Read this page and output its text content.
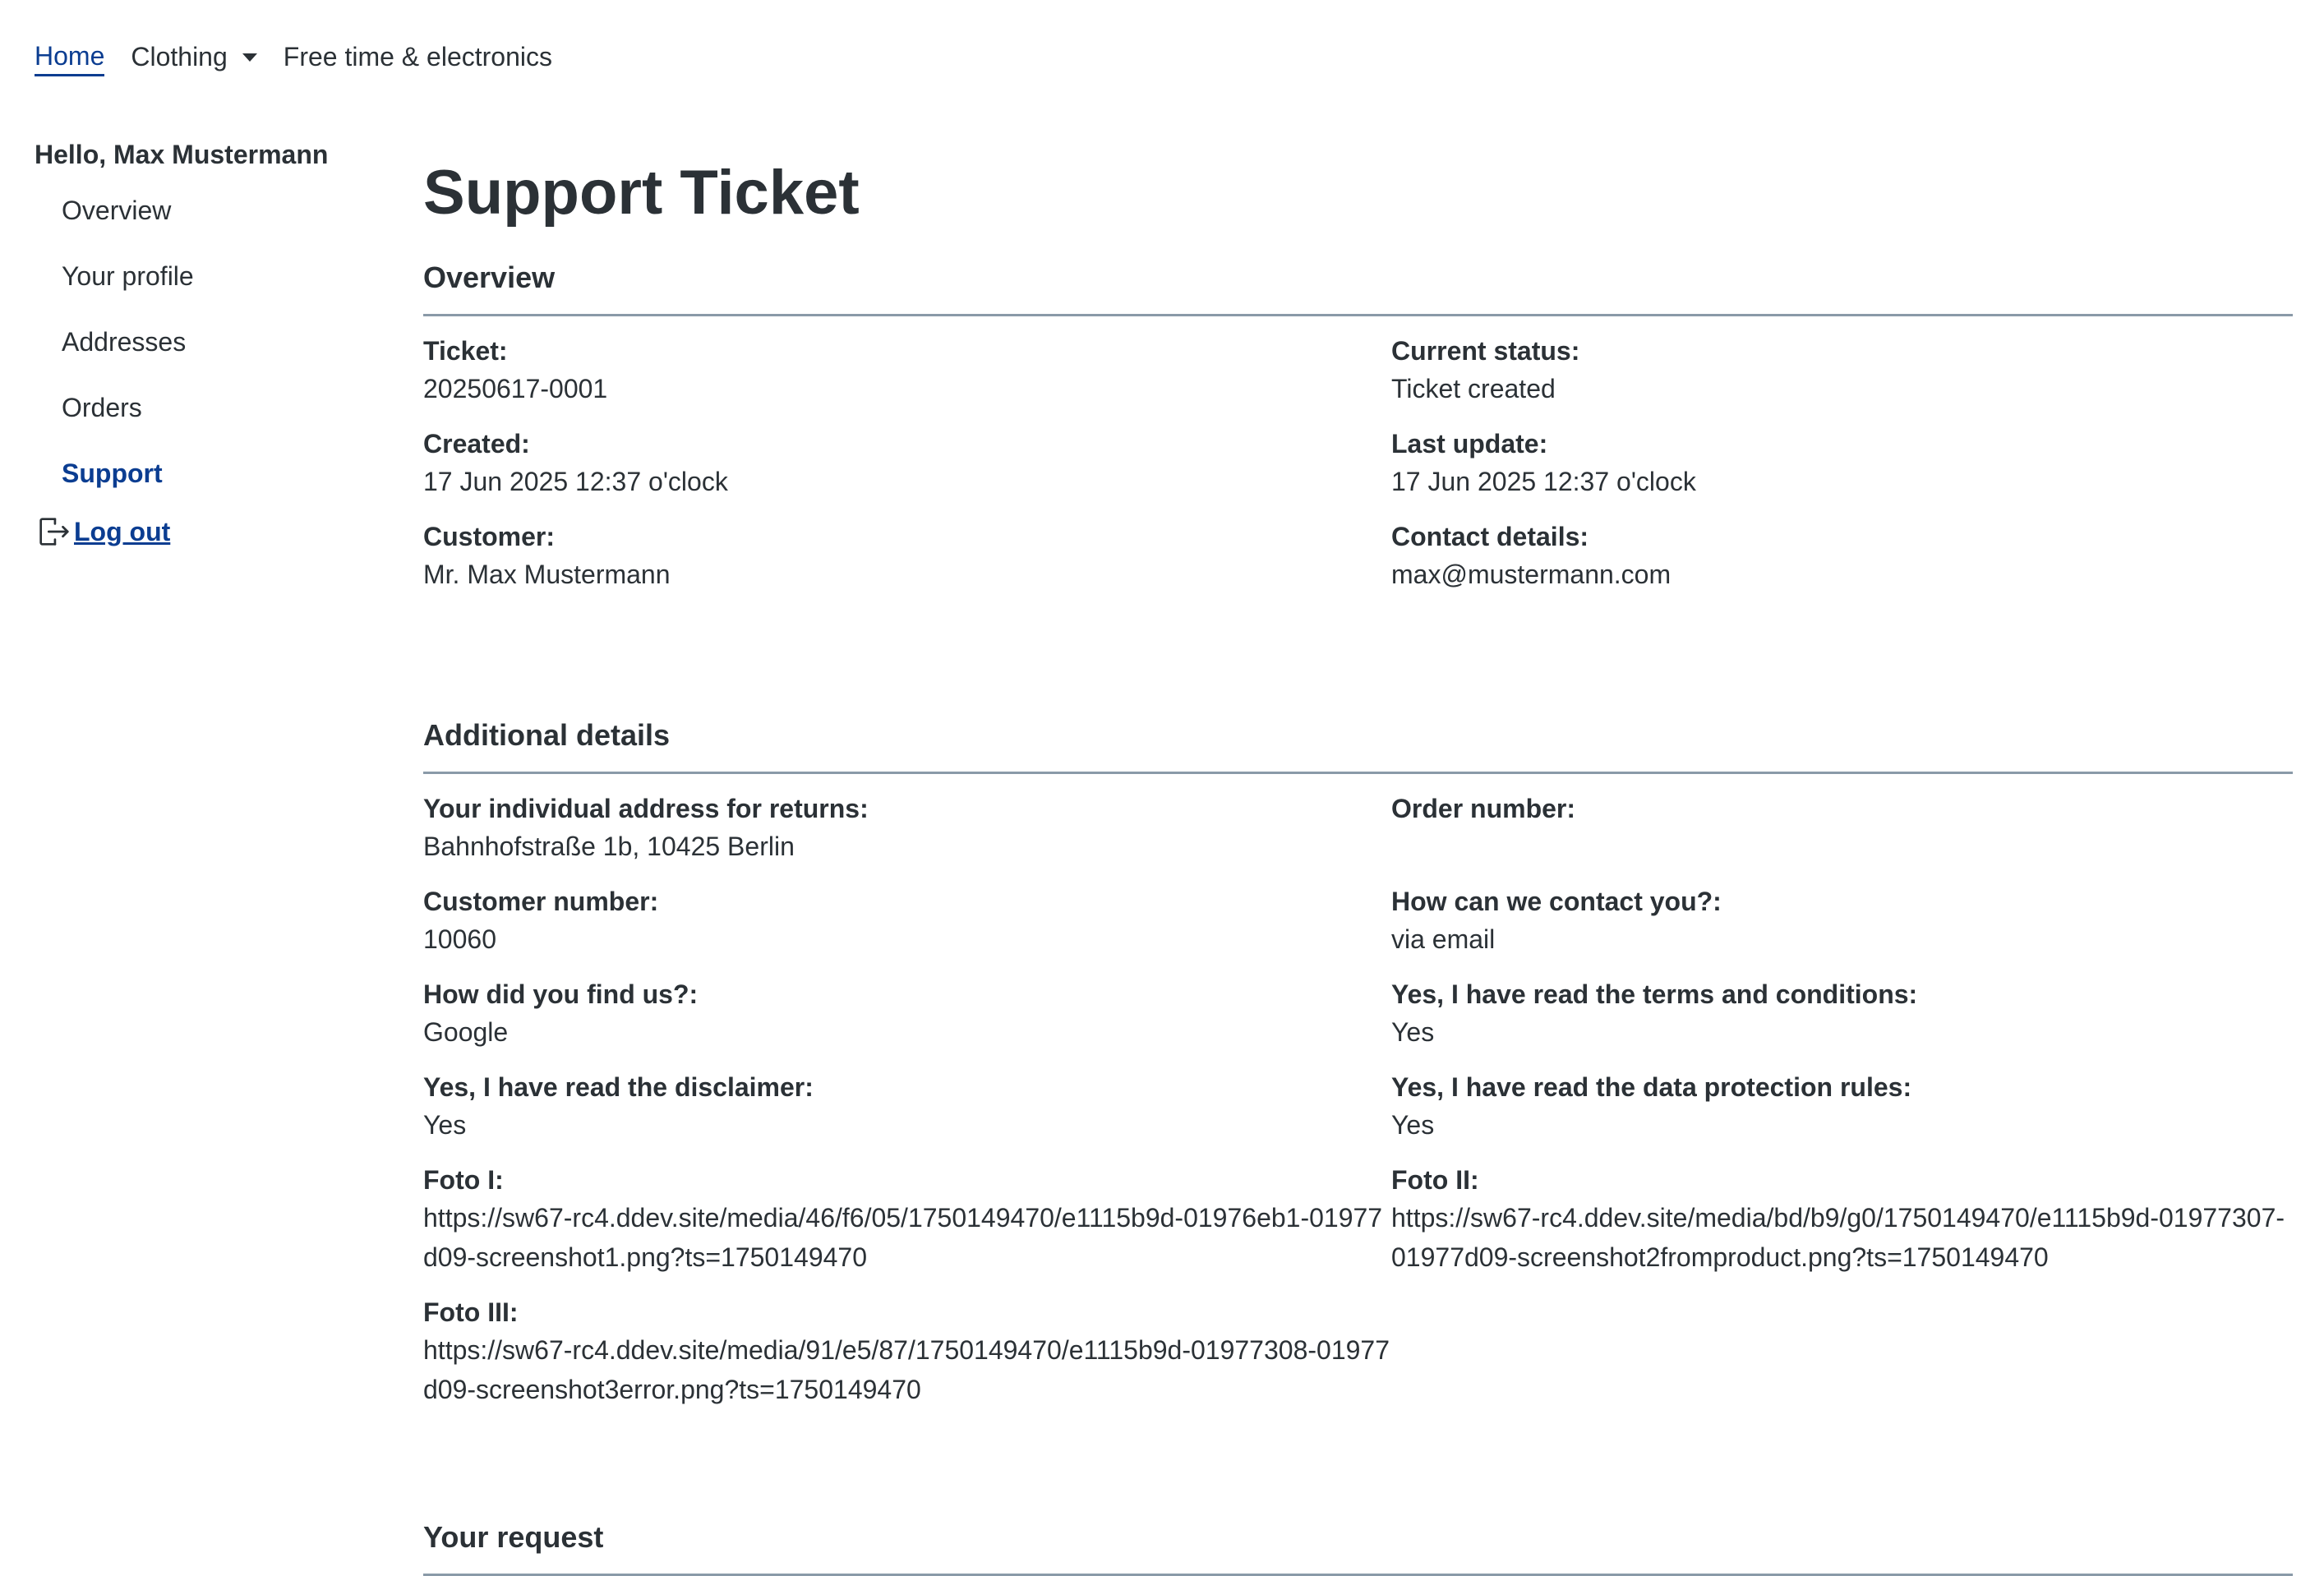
Home Clothing Free time & electronics
Hello, Max Mustermann
Overview
Your profile
Addresses
Orders
Support
Log out
Support Ticket
Overview
Ticket:
20250617-0001
Current status:
Ticket created
Created:
17 Jun 2025 12:37 o'clock
Last update:
17 Jun 2025 12:37 o'clock
Customer:
Mr. Max Mustermann
Contact details:
max@mustermann.com
Additional details
Your individual address for returns:
Bahnhofstraße 1b, 10425 Berlin
Order number:
Customer number:
10060
How can we contact you?:
via email
How did you find us?:
Google
Yes, I have read the terms and conditions:
Yes
Yes, I have read the disclaimer:
Yes
Yes, I have read the data protection rules:
Yes
Foto I:
https://sw67-rc4.ddev.site/media/46/f6/05/1750149470/e1115b9d-01976eb1-01977d09-screenshot1.png?ts=1750149470
Foto II:
https://sw67-rc4.ddev.site/media/bd/b9/g0/1750149470/e1115b9d-01977307-01977d09-screenshot2fromproduct.png?ts=1750149470
Foto III:
https://sw67-rc4.ddev.site/media/91/e5/87/1750149470/e1115b9d-01977308-01977d09-screenshot3error.png?ts=1750149470
Your request
